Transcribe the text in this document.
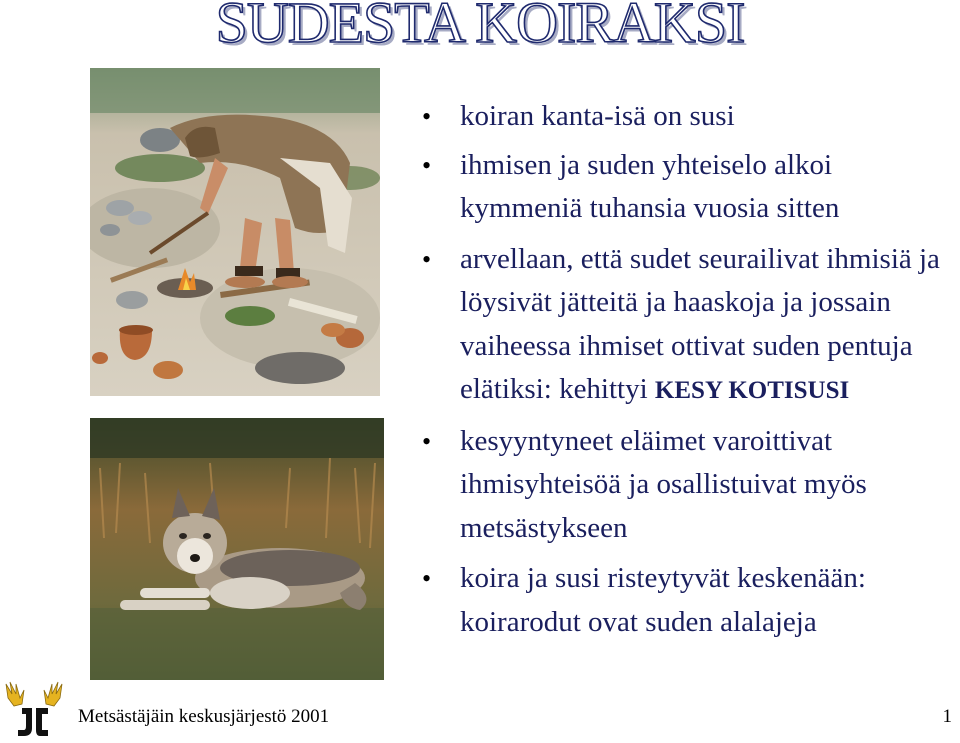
SUDESTA KOIRAKSI
• koiran kanta-isä on susi
• ihmisen ja suden yhteiselo alkoi kymmeniä tuhansia vuosia sitten
• arvellaan, että sudet seurailivat ihmisiä ja löysivät jätteitä ja haaskoja ja jossain vaiheessa ihmiset ottivat suden pentuja elätiksi: kehittyi KESY KOTISUSI
• kesyyntyneet eläimet varoittivat ihmisyhteisöä ja osallistuivat myös metsästykseen
• koira ja susi risteytyvät keskenään: koirarodut ovat suden alalajeja
Metsästäjäin keskusjärjestö 2001	1
